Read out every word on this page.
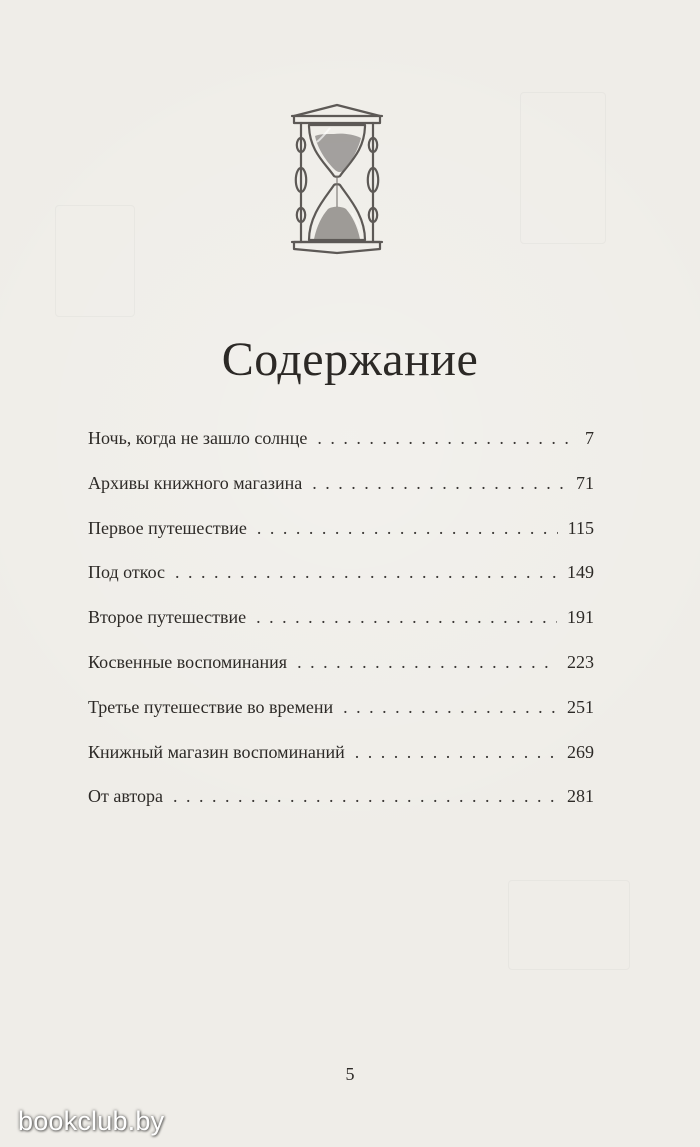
Содержание
Ночь, когда не зашло солнце . . .	7
Архивы книжного магазина . . .	71
Первое путешествие . . .	115
Под откос . . .	149
Второе путешествие . . .	191
Косвенные воспоминания . . .	223
Третье путешествие во времени . . .	251
Книжный магазин воспоминаний . . .	269
От автора . . .	281
5
bookclub.by
